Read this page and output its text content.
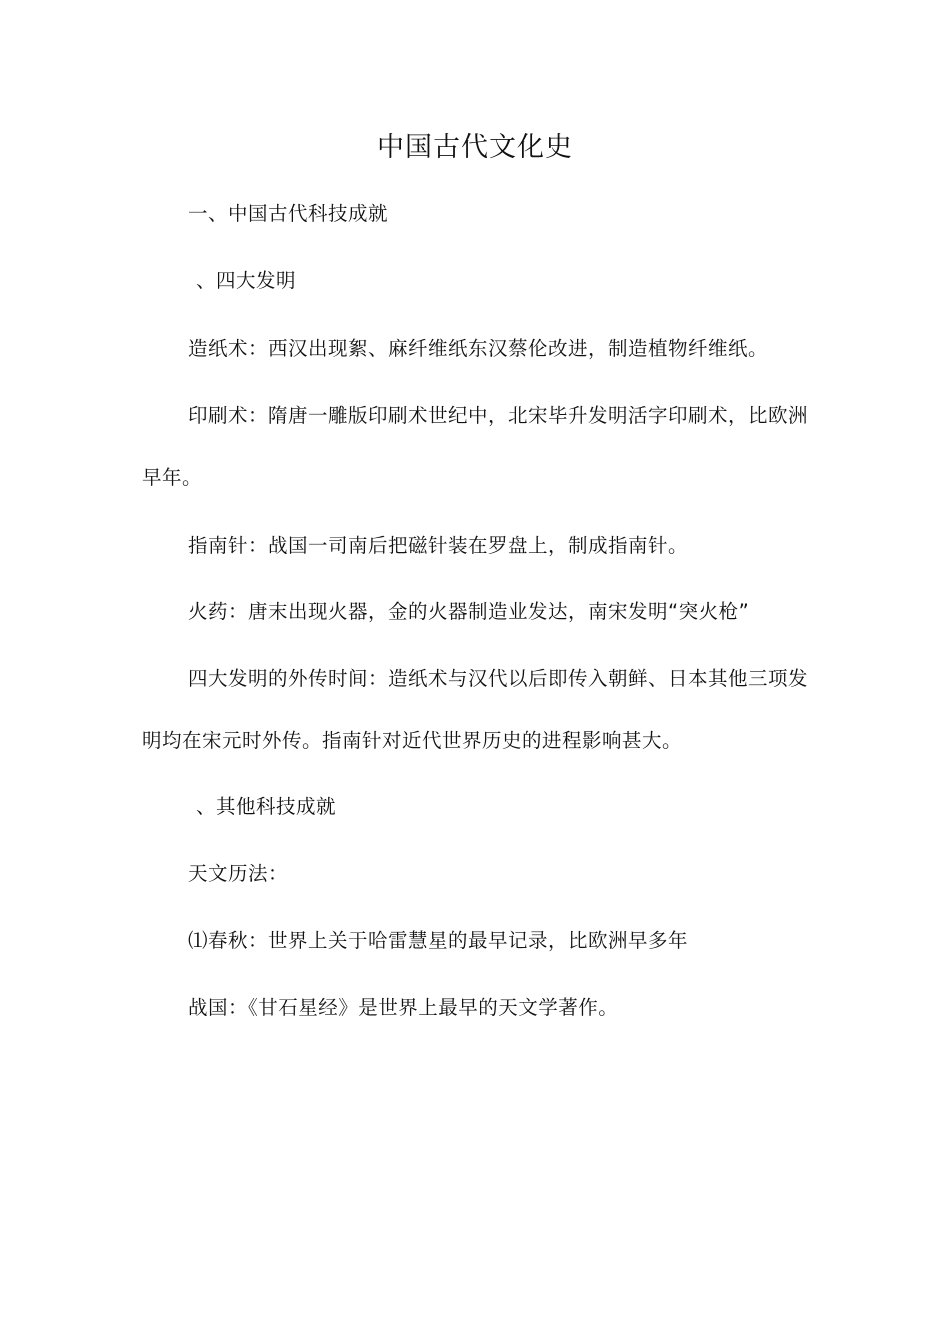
中国古代文化史
一、中国古代科技成就
、四大发明
造纸术：西汉出现絮、麻纤维纸东汉蔡伦改进，制造植物纤维纸。
印刷术：隋唐一雕版印刷术世纪中，北宋毕升发明活字印刷术，比欧洲
早年。
指南针：战国一司南后把磁针装在罗盘上，制成指南针。
火药：唐末出现火器，金的火器制造业发达，南宋发明“突火枪”
四大发明的外传时间：造纸术与汉代以后即传入朝鲜、日本其他三项发
明均在宋元时外传。指南针对近代世界历史的进程影响甚大。
、其他科技成就
天文历法：
⑴春秋：世界上关于哈雷慧星的最早记录，比欧洲早多年
战国：《甘石星经》是世界上最早的天文学著作。
